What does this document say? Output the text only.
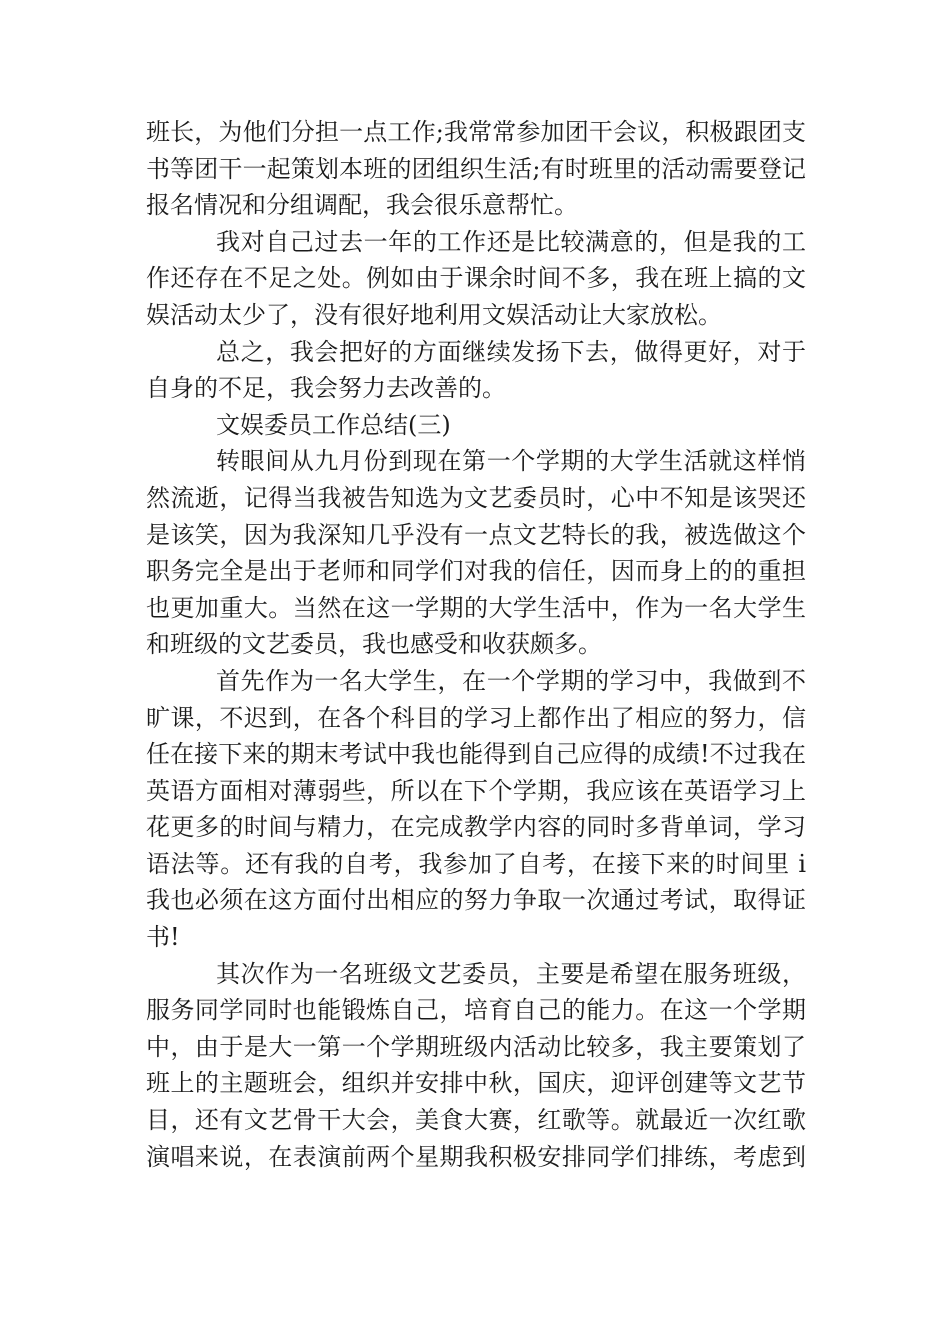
班长，为他们分担一点工作;我常常参加团干会议，积极跟团支
书等团干一起策划本班的团组织生活;有时班里的活动需要登记
报名情况和分组调配，我会很乐意帮忙。
我对自己过去一年的工作还是比较满意的，但是我的工
作还存在不足之处。例如由于课余时间不多，我在班上搞的文
娱活动太少了，没有很好地利用文娱活动让大家放松。
总之，我会把好的方面继续发扬下去，做得更好，对于
自身的不足，我会努力去改善的。
文娱委员工作总结(三)
转眼间从九月份到现在第一个学期的大学生活就这样悄
然流逝，记得当我被告知选为文艺委员时，心中不知是该哭还
是该笑，因为我深知几乎没有一点文艺特长的我，被选做这个
职务完全是出于老师和同学们对我的信任，因而身上的的重担
也更加重大。当然在这一学期的大学生活中，作为一名大学生
和班级的文艺委员，我也感受和收获颇多。
首先作为一名大学生，在一个学期的学习中，我做到不
旷课，不迟到，在各个科目的学习上都作出了相应的努力，信
任在接下来的期末考试中我也能得到自己应得的成绩!不过我在
英语方面相对薄弱些，所以在下个学期，我应该在英语学习上
花更多的时间与精力，在完成教学内容的同时多背单词，学习
语法等。还有我的自考，我参加了自考，在接下来的时间里 i
我也必须在这方面付出相应的努力争取一次通过考试，取得证
书!
其次作为一名班级文艺委员，主要是希望在服务班级，
服务同学同时也能锻炼自己，培育自己的能力。在这一个学期
中，由于是大一第一个学期班级内活动比较多，我主要策划了
班上的主题班会，组织并安排中秋，国庆，迎评创建等文艺节
目，还有文艺骨干大会，美食大赛，红歌等。就最近一次红歌
演唱来说，在表演前两个星期我积极安排同学们排练，考虑到
